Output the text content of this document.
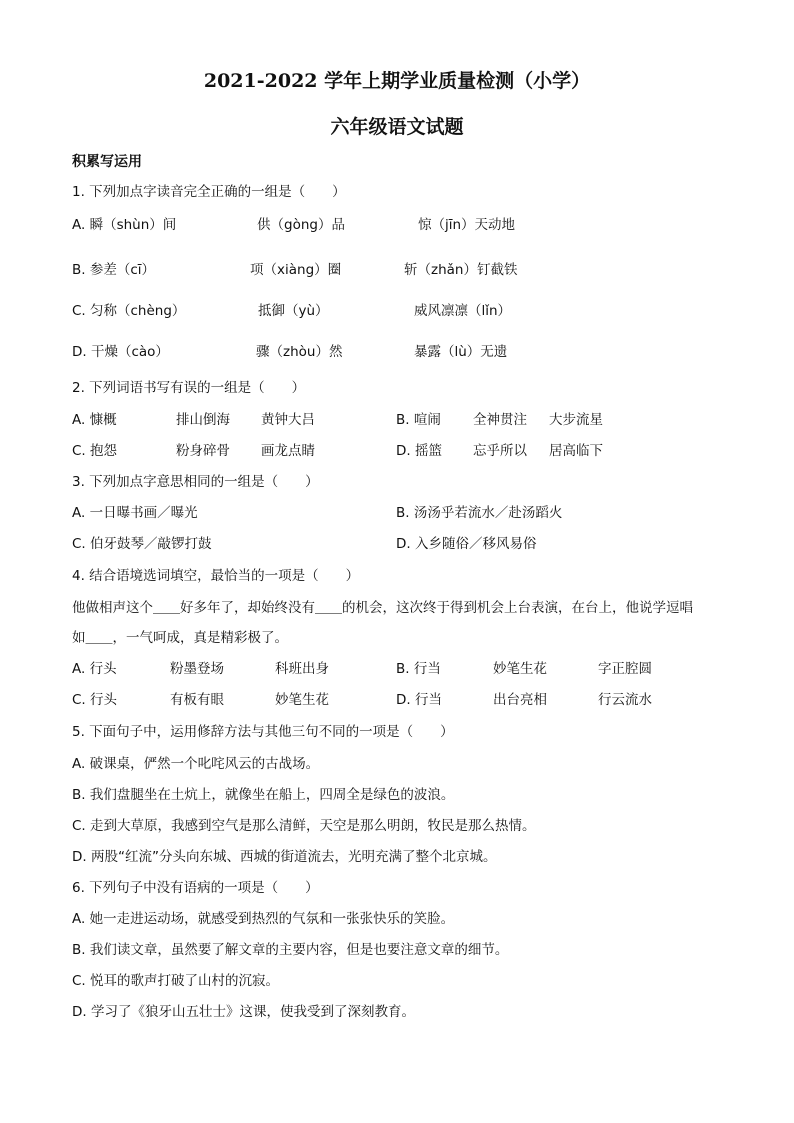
2021-2022 学年上期学业质量检测（小学）
六年级语文试题
积累写运用
1. 下列加点字读音完全正确的一组是（　　）
A. 瞬（shùn）间	供（gòng）品	惊（jīn）天动地
B. 参差（cī）	项（xiàng）圈	斩（zhǎn）钉截铁
C. 匀称（chèng）	抵御（yù）	威风凛凛（lǐn）
D. 干燥（cào）	骤（zhòu）然	暴露（lù）无遗
2. 下列词语书写有误的一组是（　　）
A. 慷概	排山倒海 黄钟大吕	B. 喧闹 全神贯注 大步流星
C. 抱怨	粉身碎骨 画龙点睛	D. 摇篮 忘乎所以 居高临下
3. 下列加点字意思相同的一组是（　　）
A. 一日曝书画／曝光	B. 汤汤乎若流水／赴汤蹈火
C. 伯牙鼓琴／敲锣打鼓	D. 入乡随俗／移风易俗
4. 结合语境选词填空，最恰当的一项是（　　）
他做相声这个＿＿好多年了，却始终没有＿＿的机会，这次终于得到机会上台表演，在台上，他说学逗唱
如＿＿，一气呵成，真是精彩极了。
A. 行头	粉墨登场	科班出身	B. 行当	妙笔生花	字正腔圆
C. 行头	有板有眼	妙笔生花	D. 行当	出台亮相	行云流水
5. 下面句子中，运用修辞方法与其他三句不同的一项是（　　）
A. 破课桌，俨然一个叱咤风云的古战场。
B. 我们盘腿坐在土炕上，就像坐在船上，四周全是绿色的波浪。
C. 走到大草原，我感到空气是那么清鲜，天空是那么明朗，牧民是那么热情。
D. 两股“红流”分头向东城、西城的街道流去，光明充满了整个北京城。
6. 下列句子中没有语病的一项是（　　）
A. 她一走进运动场，就感受到热烈的气氛和一张张快乐的笑脸。
B. 我们读文章，虽然要了解文章的主要内容，但是也要注意文章的细节。
C. 悦耳的歌声打破了山村的沉寂。
D. 学习了《狼牙山五壮士》这课，使我受到了深刻教育。
